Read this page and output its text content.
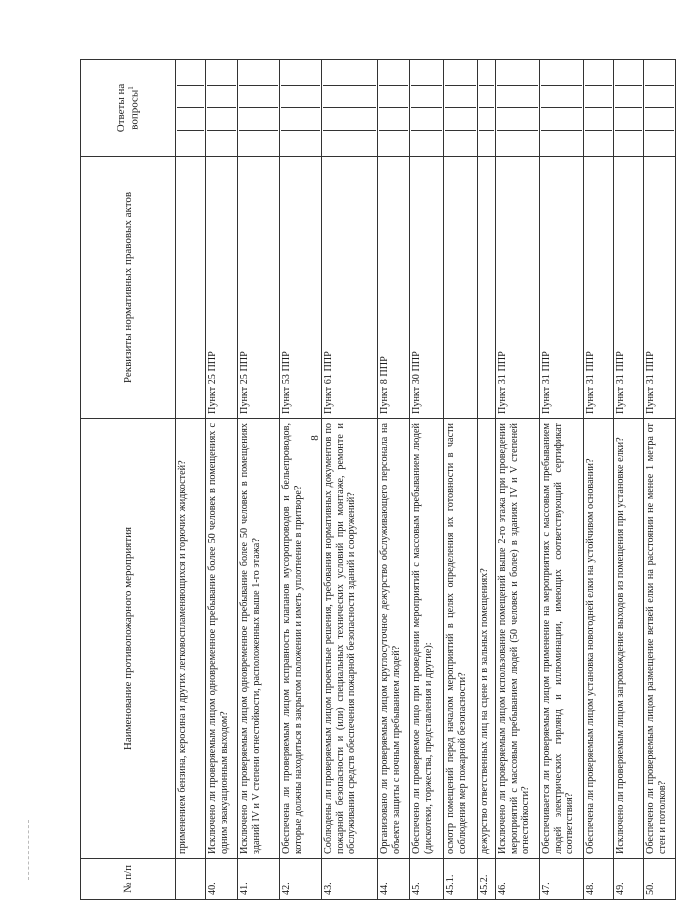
8
№ п/п	Наименование противопожарного мероприятия	Реквизиты нормативных правовых актов	Ответы на вопросы$^1$
	применением бензина, керосина и других легковоспламеняющихся и горючих жидкостей?		

40.	Исключено ли проверяемым лицом одновременное пребывание более 50 человек в помещениях с одним эвакуационным выходом?	Пункт 25 ППР	

41.	Исключено ли проверяемым лицом одновременное пребывание более 50 человек в помещениях зданий IV и V степени огнестойкости, расположенных выше 1-го этажа?	Пункт 25 ППР	

42.	Обеспечена ли проверяемым лицом исправность клапанов мусоропроводов и бельепроводов, которые должны находиться в закрытом положении и иметь уплотнение в притворе?	Пункт 53 ППР	

43.	Соблюдены ли проверяемым лицом проектные решения, требования нормативных документов по пожарной безопасности и (или) специальных технических условий при монтаже, ремонте и обслуживании средств обеспечения пожарной безопасности зданий и сооружений?	Пункт 61 ППР	

44.	Организовано ли проверяемым лицом круглосуточное дежурство обслуживающего персонала на объекте защиты с ночным пребыванием людей?	Пункт 8 ППР	

45.	Обеспечено ли проверяемое лицо при проведении мероприятий с массовым пребыванием людей (дискотеки, торжества, представления и другие):	Пункт 30 ППР	

45.1.	осмотр помещений перед началом мероприятий в целях определения их готовности в части соблюдения мер пожарной безопасности?		

45.2.	дежурство ответственных лиц на сцене и в зальных помещениях?		

46.	Исключено ли проверяемым лицом использование помещений выше 2-го этажа при проведении мероприятий с массовым пребыванием людей (50 человек и более) в зданиях IV и V степеней огнестойкости?	Пункт 31 ППР	

47.	Обеспечивается ли проверяемым лицом применение на мероприятиях с массовым пребыванием людей электрических гирлянд и иллюминации, имеющих соответствующий сертификат соответствия?	Пункт 31 ППР	

48.	Обеспечена ли проверяемым лицом установка новогодней елки на устойчивом основании?	Пункт 31 ППР	

49.	Исключено ли проверяемым лицом загромождение выходов из помещения при установке елки?	Пункт 31 ППР	

50.	Обеспечено ли проверяемым лицом размещение ветвей елки на расстоянии не менее 1 метра от стен и потолков?	Пункт 31 ППР	
